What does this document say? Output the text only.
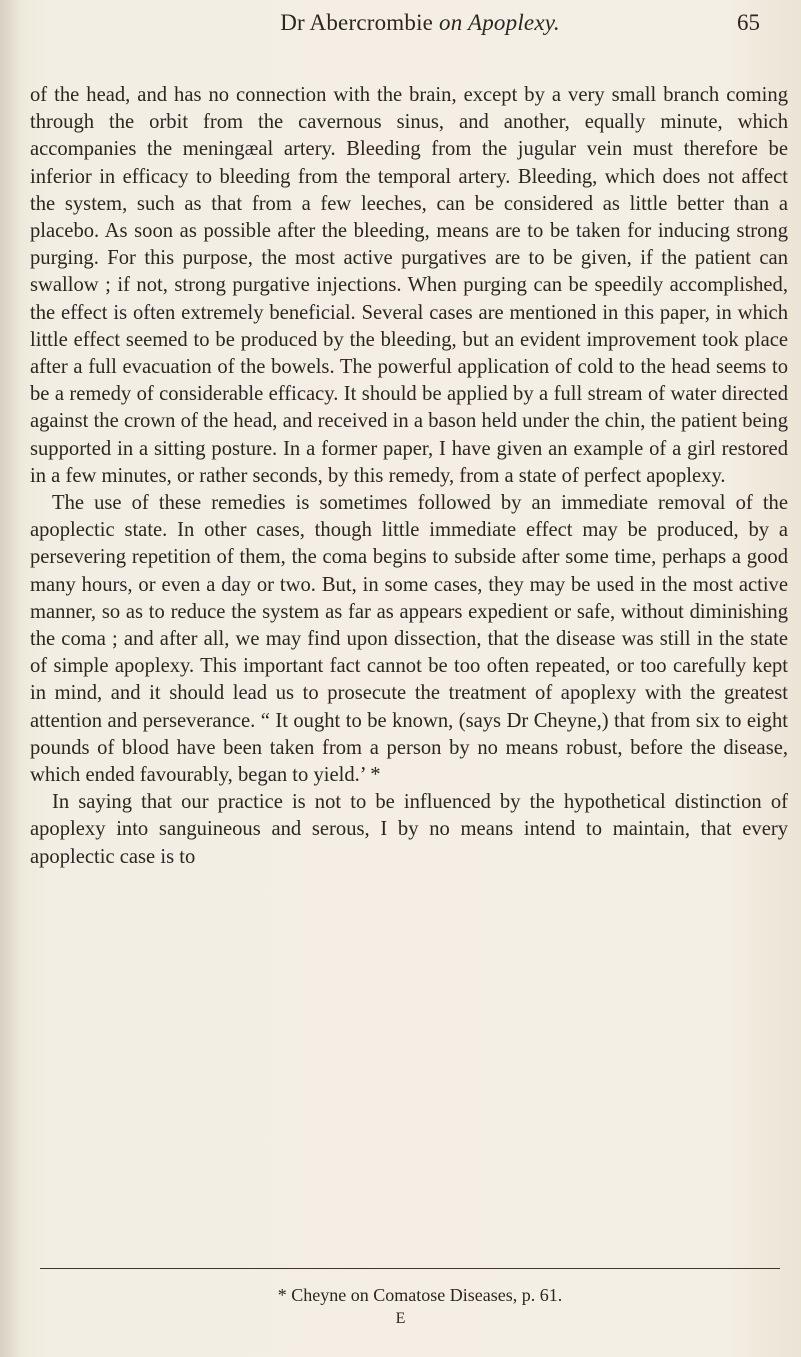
Dr Abercrombie on Apoplexy.	65

of the head, and has no connection with the brain, except by a very small branch coming through the orbit from the cavernous sinus, and another, equally minute, which accompanies the meningæal artery. Bleeding from the jugular vein must therefore be inferior in efficacy to bleeding from the temporal artery. Bleeding, which does not affect the system, such as that from a few leeches, can be considered as little better than a placebo. As soon as possible after the bleeding, means are to be taken for inducing strong purging. For this purpose, the most active purgatives are to be given, if the patient can swallow ; if not, strong purgative injections. When purging can be speedily accomplished, the effect is often extremely beneficial. Several cases are mentioned in this paper, in which little effect seemed to be produced by the bleeding, but an evident improvement took place after a full evacuation of the bowels. The powerful application of cold to the head seems to be a remedy of considerable efficacy. It should be applied by a full stream of water directed against the crown of the head, and received in a bason held under the chin, the patient being supported in a sitting posture. In a former paper, I have given an example of a girl restored in a few minutes, or rather seconds, by this remedy, from a state of perfect apoplexy.

The use of these remedies is sometimes followed by an immediate removal of the apoplectic state. In other cases, though little immediate effect may be produced, by a persevering repetition of them, the coma begins to subside after some time, perhaps a good many hours, or even a day or two. But, in some cases, they may be used in the most active manner, so as to reduce the system as far as appears expedient or safe, without diminishing the coma ; and after all, we may find upon dissection, that the disease was still in the state of simple apoplexy. This important fact cannot be too often repeated, or too carefully kept in mind, and it should lead us to prosecute the treatment of apoplexy with the greatest attention and perseverance. “ It ought to be known, (says Dr Cheyne,) that from six to eight pounds of blood have been taken from a person by no means robust, before the disease, which ended favourably, began to yield.’ *

In saying that our practice is not to be influenced by the hypothetical distinction of apoplexy into sanguineous and serous, I by no means intend to maintain, that every apoplectic case is to

* Cheyne on Comatose Diseases, p. 61.
E
